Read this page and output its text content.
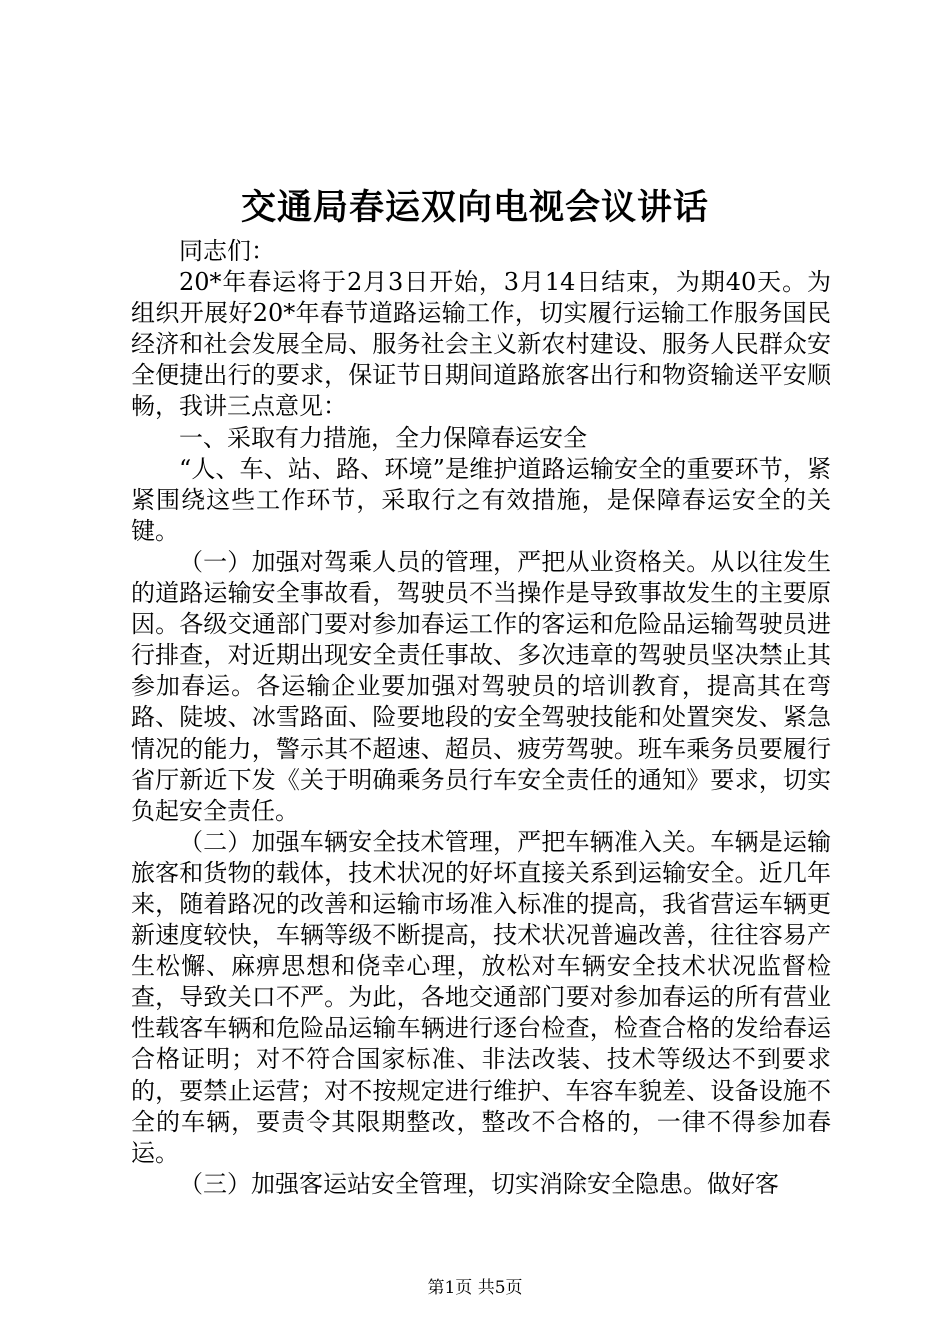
交通局春运双向电视会议讲话

同志们：

20*年春运将于2月3日开始，3月14日结束，为期40天。为组织开展好20*年春节道路运输工作，切实履行运输工作服务国民经济和社会发展全局、服务社会主义新农村建设、服务人民群众安全便捷出行的要求，保证节日期间道路旅客出行和物资输送平安顺畅，我讲三点意见：

一、采取有力措施，全力保障春运安全

“人、车、站、路、环境”是维护道路运输安全的重要环节，紧紧围绕这些工作环节，采取行之有效措施，是保障春运安全的关键。

（一）加强对驾乘人员的管理，严把从业资格关。从以往发生的道路运输安全事故看，驾驶员不当操作是导致事故发生的主要原因。各级交通部门要对参加春运工作的客运和危险品运输驾驶员进行排查，对近期出现安全责任事故、多次违章的驾驶员坚决禁止其参加春运。各运输企业要加强对驾驶员的培训教育，提高其在弯路、陡坡、冰雪路面、险要地段的安全驾驶技能和处置突发、紧急情况的能力，警示其不超速、超员、疲劳驾驶。班车乘务员要履行省厅新近下发《关于明确乘务员行车安全责任的通知》要求，切实负起安全责任。

（二）加强车辆安全技术管理，严把车辆准入关。车辆是运输旅客和货物的载体，技术状况的好坏直接关系到运输安全。近几年来，随着路况的改善和运输市场准入标准的提高，我省营运车辆更新速度较快，车辆等级不断提高，技术状况普遍改善，往往容易产生松懈、麻痹思想和侥幸心理，放松对车辆安全技术状况监督检查，导致关口不严。为此，各地交通部门要对参加春运的所有营业性载客车辆和危险品运输车辆进行逐台检查，检查合格的发给春运合格证明；对不符合国家标准、非法改装、技术等级达不到要求的，要禁止运营；对不按规定进行维护、车容车貌差、设备设施不全的车辆，要责令其限期整改，整改不合格的，一律不得参加春运。

（三）加强客运站安全管理，切实消除安全隐患。做好客

第1页 共5页
